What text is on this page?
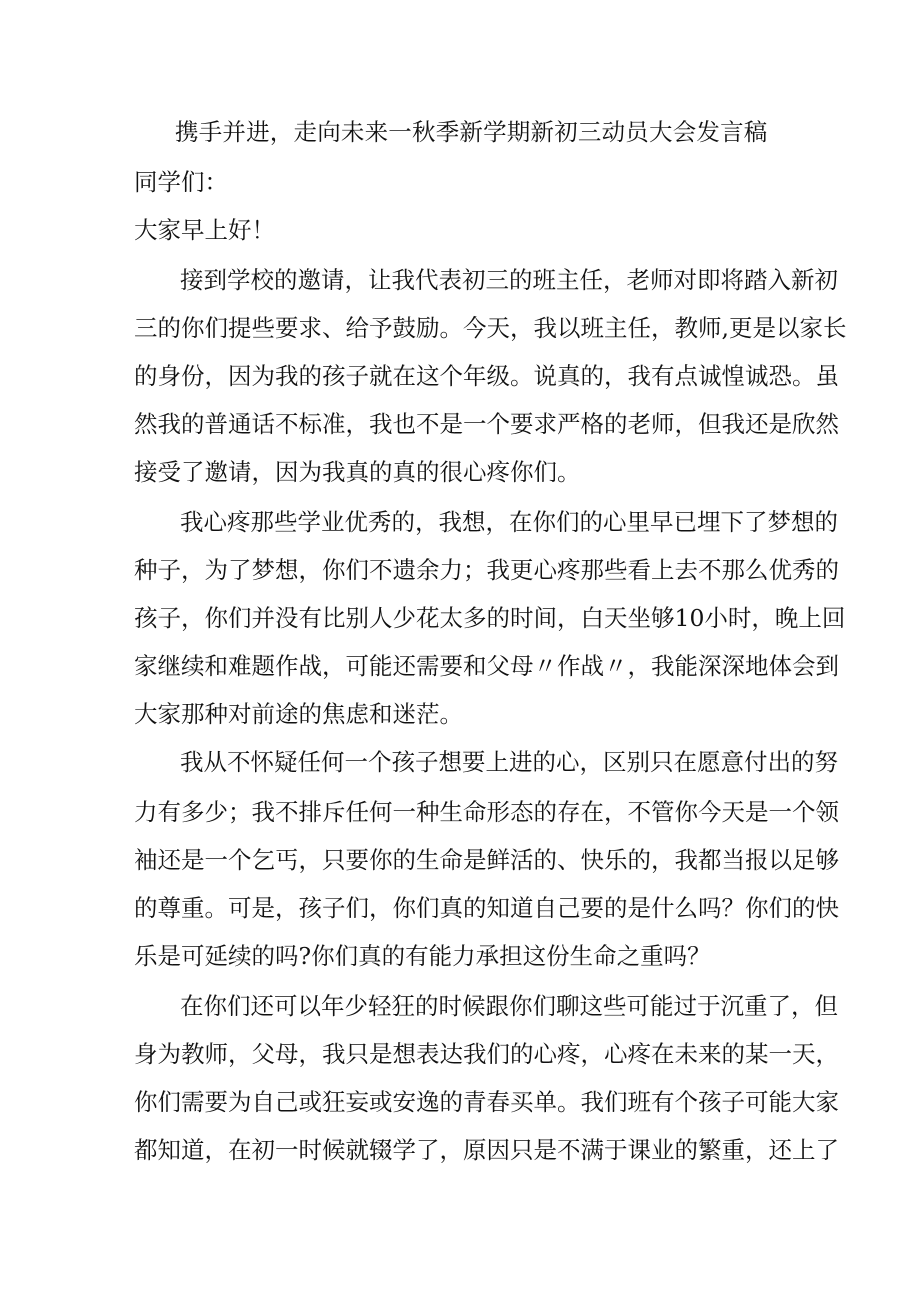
携手并进，走向未来一秋季新学期新初三动员大会发言稿
同学们：
大家早上好！
接到学校的邀请，让我代表初三的班主任，老师对即将踏入新初
三的你们提些要求、给予鼓励。今天，我以班主任，教师,更是以家长
的身份，因为我的孩子就在这个年级。说真的，我有点诚惶诚恐。虽
然我的普通话不标准，我也不是一个要求严格的老师，但我还是欣然
接受了邀请，因为我真的真的很心疼你们。
我心疼那些学业优秀的，我想，在你们的心里早已埋下了梦想的
种子，为了梦想，你们不遗余力；我更心疼那些看上去不那么优秀的
孩子，你们并没有比别人少花太多的时间，白天坐够10小时，晚上回
家继续和难题作战，可能还需要和父母〃作战〃，我能深深地体会到
大家那种对前途的焦虑和迷茫。
我从不怀疑任何一个孩子想要上进的心，区别只在愿意付出的努
力有多少；我不排斥任何一种生命形态的存在，不管你今天是一个领
袖还是一个乞丐，只要你的生命是鲜活的、快乐的，我都当报以足够
的尊重。可是，孩子们，你们真的知道自己要的是什么吗？你们的快
乐是可延续的吗?你们真的有能力承担这份生命之重吗？
在你们还可以年少轻狂的时候跟你们聊这些可能过于沉重了，但
身为教师，父母，我只是想表达我们的心疼，心疼在未来的某一天，
你们需要为自己或狂妄或安逸的青春买单。我们班有个孩子可能大家
都知道，在初一时候就辍学了，原因只是不满于课业的繁重，还上了
